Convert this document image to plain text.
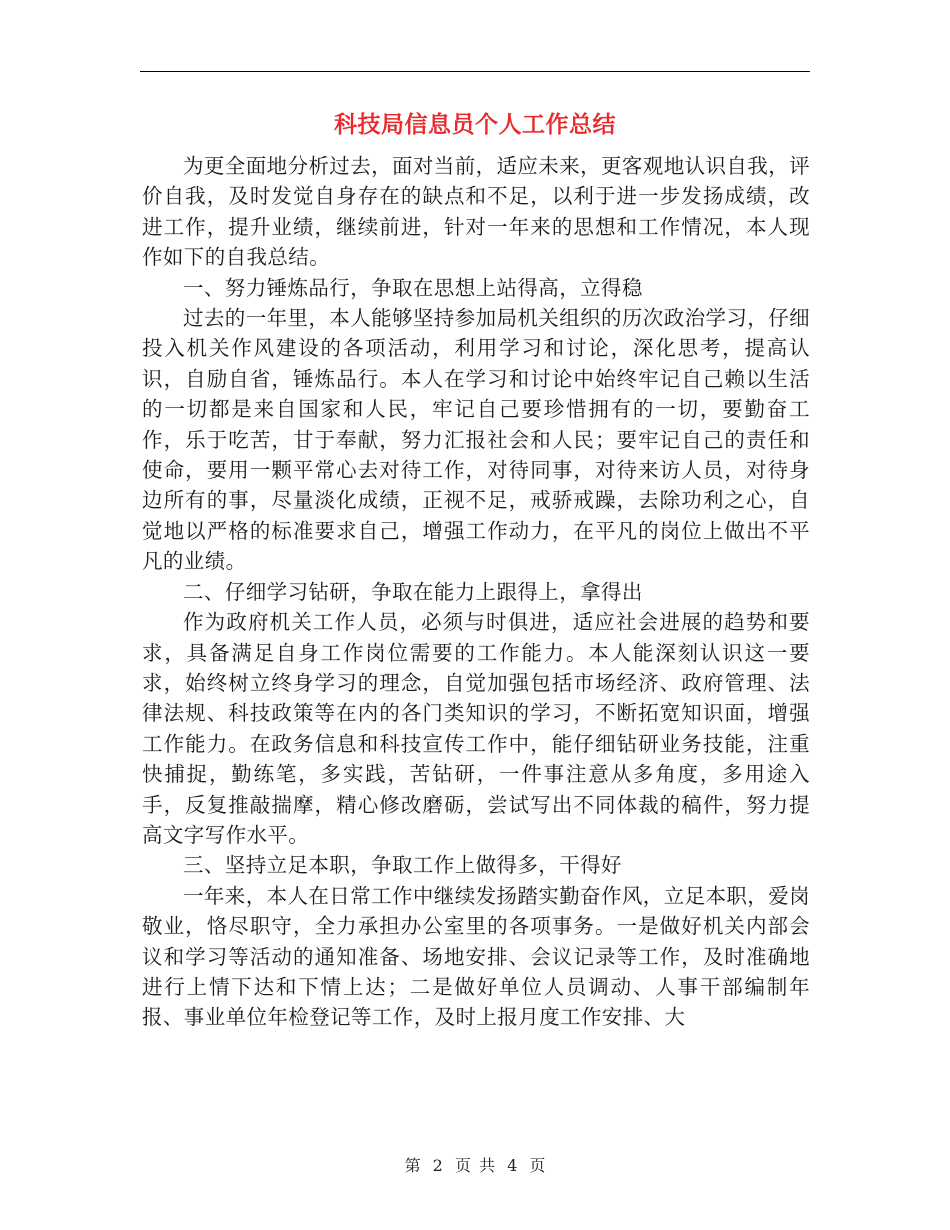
科技局信息员个人工作总结

为更全面地分析过去，面对当前，适应未来，更客观地认识自我，评价自我，及时发觉自身存在的缺点和不足，以利于进一步发扬成绩，改进工作，提升业绩，继续前进，针对一年来的思想和工作情况，本人现作如下的自我总结。

一、努力锤炼品行，争取在思想上站得高，立得稳

过去的一年里，本人能够坚持参加局机关组织的历次政治学习，仔细投入机关作风建设的各项活动，利用学习和讨论，深化思考，提高认识，自励自省，锤炼品行。本人在学习和讨论中始终牢记自己赖以生活的一切都是来自国家和人民，牢记自己要珍惜拥有的一切，要勤奋工作，乐于吃苦，甘于奉献，努力汇报社会和人民；要牢记自己的责任和使命，要用一颗平常心去对待工作，对待同事，对待来访人员，对待身边所有的事，尽量淡化成绩，正视不足，戒骄戒躁，去除功利之心，自觉地以严格的标准要求自己，增强工作动力，在平凡的岗位上做出不平凡的业绩。

二、仔细学习钻研，争取在能力上跟得上，拿得出

作为政府机关工作人员，必须与时俱进，适应社会进展的趋势和要求，具备满足自身工作岗位需要的工作能力。本人能深刻认识这一要求，始终树立终身学习的理念，自觉加强包括市场经济、政府管理、法律法规、科技政策等在内的各门类知识的学习，不断拓宽知识面，增强工作能力。在政务信息和科技宣传工作中，能仔细钻研业务技能，注重快捕捉，勤练笔，多实践，苦钻研，一件事注意从多角度，多用途入手，反复推敲揣摩，精心修改磨砺，尝试写出不同体裁的稿件，努力提高文字写作水平。

三、坚持立足本职，争取工作上做得多，干得好

一年来，本人在日常工作中继续发扬踏实勤奋作风，立足本职，爱岗敬业，恪尽职守，全力承担办公室里的各项事务。一是做好机关内部会议和学习等活动的通知准备、场地安排、会议记录等工作，及时准确地进行上情下达和下情上达；二是做好单位人员调动、人事干部编制年报、事业单位年检登记等工作，及时上报月度工作安排、大

第 2 页 共 4 页
